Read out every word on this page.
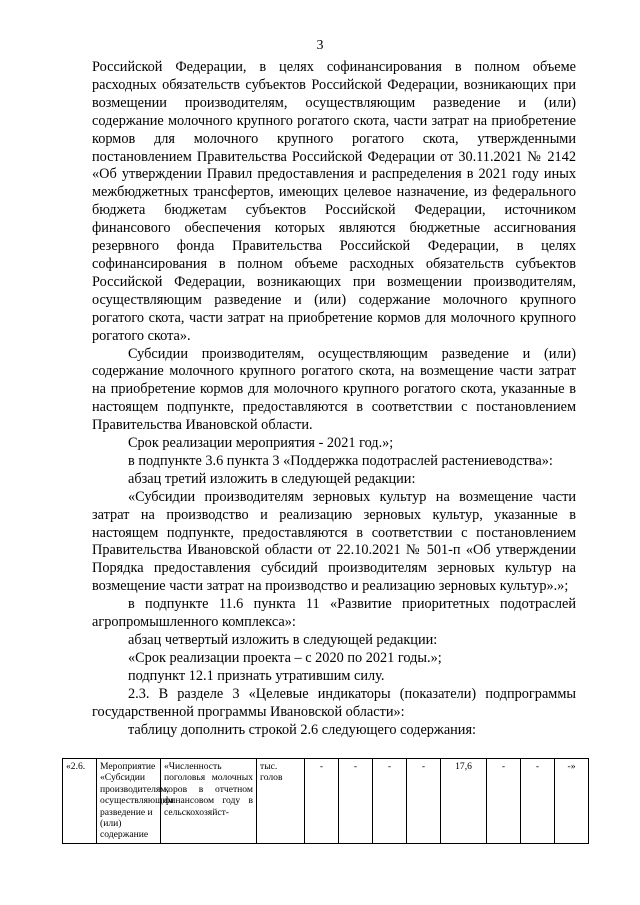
3

Российской Федерации, в целях софинансирования в полном объеме расходных обязательств субъектов Российской Федерации, возникающих при возмещении производителям, осуществляющим разведение и (или) содержание молочного крупного рогатого скота, части затрат на приобретение кормов для молочного крупного рогатого скота, утвержденными постановлением Правительства Российской Федерации от 30.11.2021 № 2142 «Об утверждении Правил предоставления и распределения в 2021 году иных межбюджетных трансфертов, имеющих целевое назначение, из федерального бюджета бюджетам субъектов Российской Федерации, источником финансового обеспечения которых являются бюджетные ассигнования резервного фонда Правительства Российской Федерации, в целях софинансирования в полном объеме расходных обязательств субъектов Российской Федерации, возникающих при возмещении производителям, осуществляющим разведение и (или) содержание молочного крупного рогатого скота, части затрат на приобретение кормов для молочного крупного рогатого скота».

Субсидии производителям, осуществляющим разведение и (или) содержание молочного крупного рогатого скота, на возмещение части затрат на приобретение кормов для молочного крупного рогатого скота, указанные в настоящем подпункте, предоставляются в соответствии с постановлением Правительства Ивановской области.

Срок реализации мероприятия - 2021 год.»;

в подпункте 3.6 пункта 3 «Поддержка подотраслей растениеводства»:

абзац третий изложить в следующей редакции:

«Субсидии производителям зерновых культур на возмещение части затрат на производство и реализацию зерновых культур, указанные в настоящем подпункте, предоставляются в соответствии с постановлением Правительства Ивановской области от 22.10.2021 № 501-п «Об утверждении Порядка предоставления субсидий производителям зерновых культур на возмещение части затрат на производство и реализацию зерновых культур».»;

в подпункте 11.6 пункта 11 «Развитие приоритетных подотраслей агропромышленного комплекса»:

абзац четвертый изложить в следующей редакции:

«Срок реализации проекта – с 2020 по 2021 годы.»;

подпункт 12.1 признать утратившим силу.

2.3. В разделе 3 «Целевые индикаторы (показатели) подпрограммы государственной программы Ивановской области»:

таблицу дополнить строкой 2.6 следующего содержания:

«2.6.	Мероприятие «Субсидии производителям, осуществляющим разведение и (или) содержание	«Численность поголовья молочных коров в отчетном финансовом году в сельскохозяйст-	тыс. голов	-	-	-	-	17,6	-	-	-»
